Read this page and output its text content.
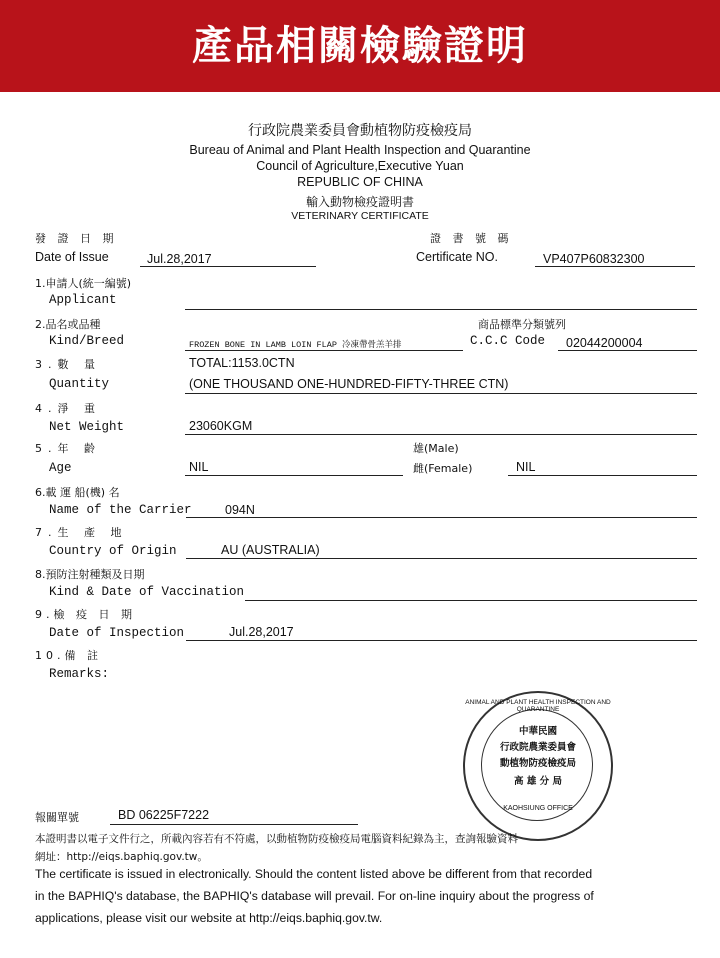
產品相關檢驗證明
行政院農業委員會動植物防疫檢疫局
Bureau of Animal and Plant Health Inspection and Quarantine
Council of Agriculture,Executive Yuan
REPUBLIC OF CHINA
輸入動物檢疫證明書
VETERINARY CERTIFICATE
發 證 日 期
Date of Issue	Jul.28,2017
證 書 號 碼
Certificate NO.	VP407P60832300
1.申請人(統一編號)
Applicant
2.品名或品種
Kind/Breed	FROZEN BONE IN LAMB LOIN FLAP 冷凍帶骨羔羊排
商品標準分類號列
C.C.C Code 02044200004
3.數 量	TOTAL:1153.0CTN
Quantity	(ONE THOUSAND ONE-HUNDRED-FIFTY-THREE CTN)
4.淨 重
Net Weight	23060KGM
5.年 齡
Age	NIL
雄(Male)
雌(Female)	NIL
6.載 運 船(機) 名
Name of the Carrier	094N
7.生 產 地
Country of Origin	AU (AUSTRALIA)
8.預防注射種類及日期
Kind & Date of Vaccination
9.檢 疫 日 期
Date of Inspection	Jul.28,2017
10.備 註
Remarks:
ANIMAL AND PLANT HEALTH INSPECTION AND QUARANTINE
中華民國
行政院農業委員會
動植物防疫檢疫局
高 雄 分 局
KAOHSIUNG OFFICE
報關單號	BD 06225F7222
本證明書以電子文件行之，所載內容若有不符處，以動植物防疫檢疫局電腦資料紀錄為主，查詢報驗資料
網址：http://eiqs.baphiq.gov.tw。
The certificate is issued in electronically. Should the content listed above be different from that recorded
in the BAPHIQ's database, the BAPHIQ's database will prevail. For on-line inquiry about the progress of
applications, please visit our website at http://eiqs.baphiq.gov.tw.
